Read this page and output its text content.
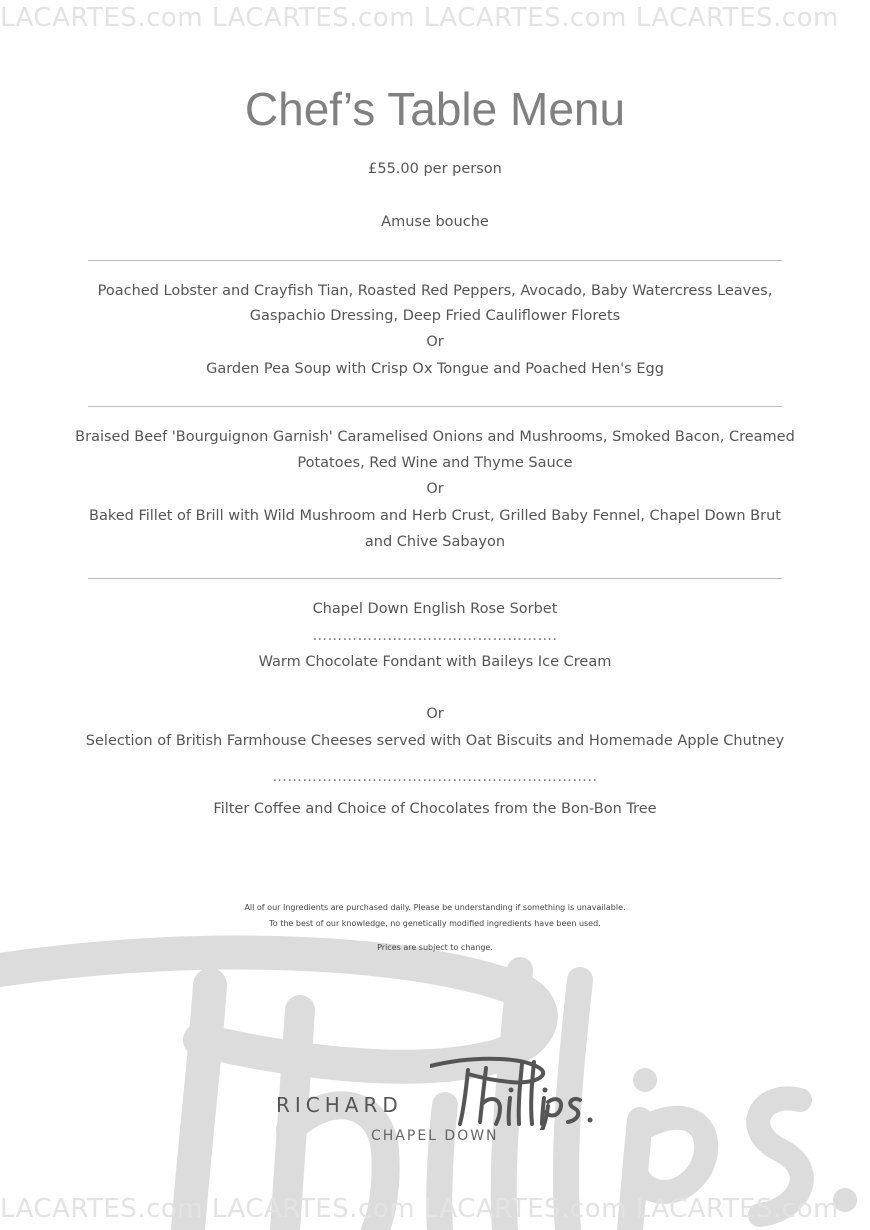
LACARTES.com LACARTES.com LACARTES.com LACARTES.com
Chef’s Table Menu

£55.00 per person

Amuse bouche

Poached Lobster and Crayfish Tian, Roasted Red Peppers, Avocado, Baby Watercress Leaves,

Gaspachio Dressing, Deep Fried Cauliflower Florets

Or

Garden Pea Soup with Crisp Ox Tongue and Poached Hen's Egg

Braised Beef 'Bourguignon Garnish' Caramelised Onions and Mushrooms, Smoked Bacon, Creamed

Potatoes, Red Wine and Thyme Sauce

Or

Baked Fillet of Brill with Wild Mushroom and Herb Crust, Grilled Baby Fennel, Chapel Down Brut

and Chive Sabayon

Chapel Down English Rose Sorbet

………………………………………….

Warm Chocolate Fondant with Baileys Ice Cream

Or

Selection of British Farmhouse Cheeses served with Oat Biscuits and Homemade Apple Chutney

………………………………………………………..

Filter Coffee and Choice of Chocolates from the Bon-Bon Tree

All of our Ingredients are purchased daily. Please be understanding if something is unavailable.
To the best of our knowledge, no genetically modified ingredients have been used.
Prices are subject to change.
RICHARD
Phillips.
CHAPEL DOWN
LACARTES.com LACARTES.com LACARTES.com LACARTES.com
